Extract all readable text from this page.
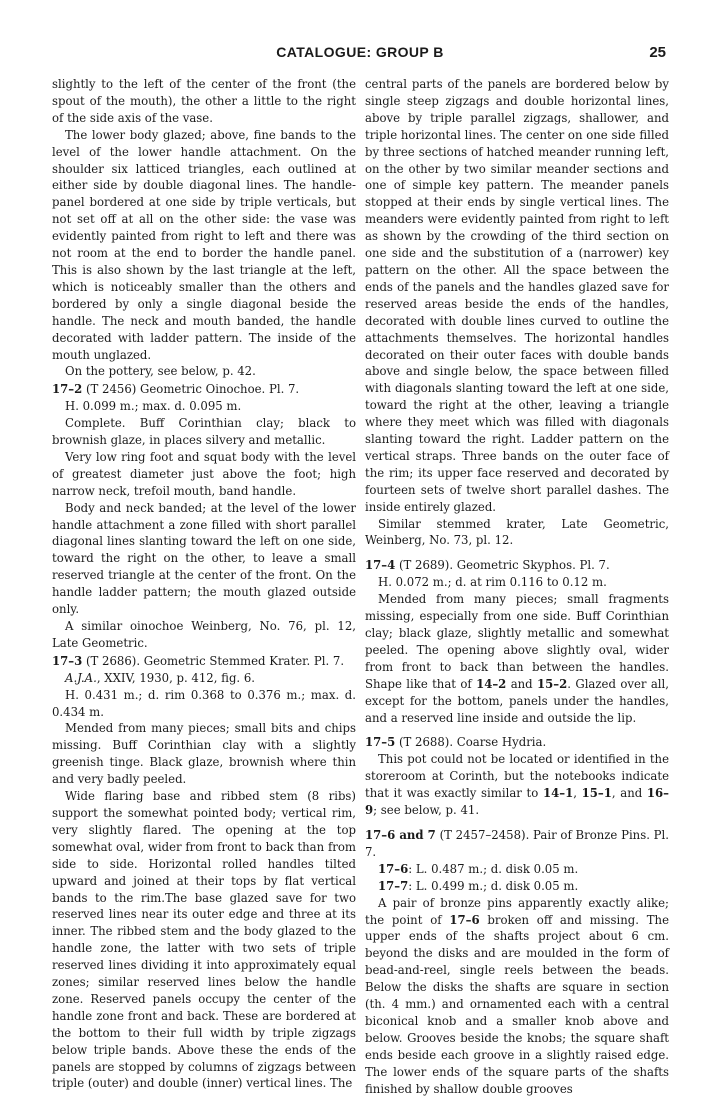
CATALOGUE: GROUP B	25

slightly to the left of the center of the front (the spout of the mouth), the other a little to the right of the side axis of the vase.

The lower body glazed; above, fine bands to the level of the lower handle attachment. On the shoulder six latticed triangles, each outlined at either side by double diagonal lines. The handle-panel bordered at one side by triple verticals, but not set off at all on the other side: the vase was evidently painted from right to left and there was not room at the end to border the handle panel. This is also shown by the last triangle at the left, which is noticeably smaller than the others and bordered by only a single diagonal beside the handle. The neck and mouth banded, the handle decorated with ladder pattern. The inside of the mouth unglazed.

On the pottery, see below, p. 42.

17–2 (T 2456) Geometric Oinochoe. Pl. 7.

H. 0.099 m.; max. d. 0.095 m.

Complete. Buff Corinthian clay; black to brownish glaze, in places silvery and metallic.

Very low ring foot and squat body with the level of greatest diameter just above the foot; high narrow neck, trefoil mouth, band handle.

Body and neck banded; at the level of the lower handle attachment a zone filled with short parallel diagonal lines slanting toward the left on one side, toward the right on the other, to leave a small reserved triangle at the center of the front. On the handle ladder pattern; the mouth glazed outside only.

A similar oinochoe Weinberg, No. 76, pl. 12, Late Geometric.

17–3 (T 2686). Geometric Stemmed Krater. Pl. 7.

A.J.A., XXIV, 1930, p. 412, fig. 6.

H. 0.431 m.; d. rim 0.368 to 0.376 m.; max. d. 0.434 m.

Mended from many pieces; small bits and chips missing. Buff Corinthian clay with a slightly greenish tinge. Black glaze, brownish where thin and very badly peeled.

Wide flaring base and ribbed stem (8 ribs) support the somewhat pointed body; vertical rim, very slightly flared. The opening at the top somewhat oval, wider from front to back than from side to side. Horizontal rolled handles tilted upward and joined at their tops by flat vertical bands to the rim.The base glazed save for two reserved lines near its outer edge and three at its inner. The ribbed stem and the body glazed to the handle zone, the latter with two sets of triple reserved lines dividing it into approximately equal zones; similar reserved lines below the handle zone. Reserved panels occupy the center of the handle zone front and back. These are bordered at the bottom to their full width by triple zigzags below triple bands. Above these the ends of the panels are stopped by columns of zigzags between triple (outer) and double (inner) vertical lines. The

central parts of the panels are bordered below by single steep zigzags and double horizontal lines, above by triple parallel zigzags, shallower, and triple horizontal lines. The center on one side filled by three sections of hatched meander running left, on the other by two similar meander sections and one of simple key pattern. The meander panels stopped at their ends by single vertical lines. The meanders were evidently painted from right to left as shown by the crowding of the third section on one side and the substitution of a (narrower) key pattern on the other. All the space between the ends of the panels and the handles glazed save for reserved areas beside the ends of the handles, decorated with double lines curved to outline the attachments themselves. The horizontal handles decorated on their outer faces with double bands above and single below, the space between filled with diagonals slanting toward the left at one side, toward the right at the other, leaving a triangle where they meet which was filled with diagonals slanting toward the right. Ladder pattern on the vertical straps. Three bands on the outer face of the rim; its upper face reserved and decorated by fourteen sets of twelve short parallel dashes. The inside entirely glazed.

Similar stemmed krater, Late Geometric, Weinberg, No. 73, pl. 12.

17–4 (T 2689). Geometric Skyphos. Pl. 7.

H. 0.072 m.; d. at rim 0.116 to 0.12 m.

Mended from many pieces; small fragments missing, especially from one side. Buff Corinthian clay; black glaze, slightly metallic and somewhat peeled. The opening above slightly oval, wider from front to back than between the handles. Shape like that of 14–2 and 15–2. Glazed over all, except for the bottom, panels under the handles, and a reserved line inside and outside the lip.

17–5 (T 2688). Coarse Hydria.

This pot could not be located or identified in the storeroom at Corinth, but the notebooks indicate that it was exactly similar to 14–1, 15–1, and 16–9; see below, p. 41.

17–6 and 7 (T 2457–2458). Pair of Bronze Pins. Pl. 7.

17–6: L. 0.487 m.; d. disk 0.05 m.

17–7: L. 0.499 m.; d. disk 0.05 m.

A pair of bronze pins apparently exactly alike; the point of 17–6 broken off and missing. The upper ends of the shafts project about 6 cm. beyond the disks and are moulded in the form of bead-and-reel, single reels between the beads. Below the disks the shafts are square in section (th. 4 mm.) and ornamented each with a central biconical knob and a smaller knob above and below. Grooves beside the knobs; the square shaft ends beside each groove in a slightly raised edge. The lower ends of the square parts of the shafts finished by shallow double grooves
